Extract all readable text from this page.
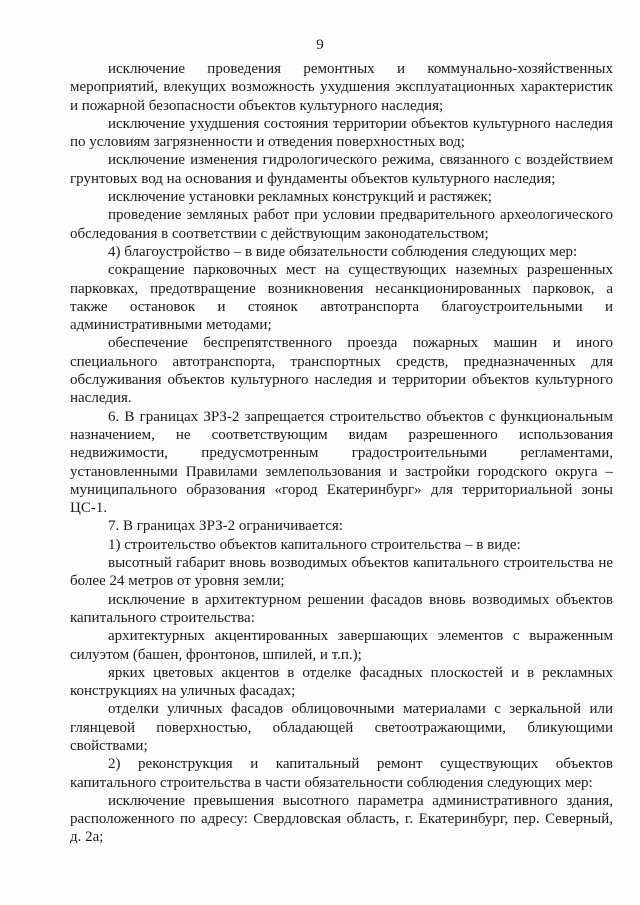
9

исключение проведения ремонтных и коммунально-хозяйственных мероприятий, влекущих возможность ухудшения эксплуатационных характеристик и пожарной безопасности объектов культурного наследия;

исключение ухудшения состояния территории объектов культурного наследия по условиям загрязненности и отведения поверхностных вод;

исключение изменения гидрологического режима, связанного с воздействием грунтовых вод на основания и фундаменты объектов культурного наследия;

исключение установки рекламных конструкций и растяжек;

проведение земляных работ при условии предварительного археологического обследования в соответствии с действующим законодательством;

4) благоустройство – в виде обязательности соблюдения следующих мер:

сокращение парковочных мест на существующих наземных разрешенных парковках, предотвращение возникновения несанкционированных парковок, а также остановок и стоянок автотранспорта благоустроительными и административными методами;

обеспечение беспрепятственного проезда пожарных машин и иного специального автотранспорта, транспортных средств, предназначенных для обслуживания объектов культурного наследия и территории объектов культурного наследия.

6. В границах ЗРЗ-2 запрещается строительство объектов с функциональным назначением, не соответствующим видам разрешенного использования недвижимости, предусмотренным градостроительными регламентами, установленными Правилами землепользования и застройки городского округа – муниципального образования «город Екатеринбург» для территориальной зоны ЦС-1.

7. В границах ЗРЗ-2 ограничивается:

1) строительство объектов капитального строительства – в виде:

высотный габарит вновь возводимых объектов капитального строительства не более 24 метров от уровня земли;

исключение в архитектурном решении фасадов вновь возводимых объектов капитального строительства:

архитектурных акцентированных завершающих элементов с выраженным силуэтом (башен, фронтонов, шпилей, и т.п.);

ярких цветовых акцентов в отделке фасадных плоскостей и в рекламных конструкциях на уличных фасадах;

отделки уличных фасадов облицовочными материалами с зеркальной или глянцевой поверхностью, обладающей светоотражающими, бликующими свойствами;

2) реконструкция и капитальный ремонт существующих объектов капитального строительства в части обязательности соблюдения следующих мер:

исключение превышения высотного параметра административного здания, расположенного по адресу: Свердловская область, г. Екатеринбург, пер. Северный, д. 2а;
